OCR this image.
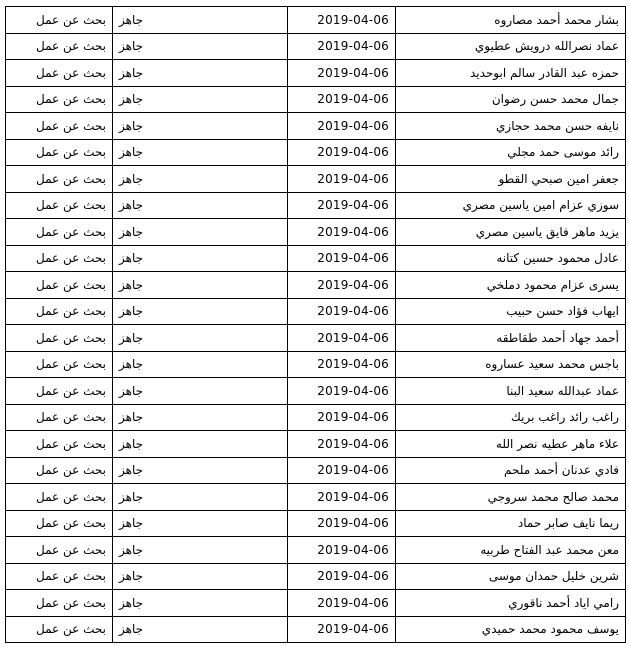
بحث عن عمل	جاهز	2019-04-06	بشار محمد أحمد مصاروه
بحث عن عمل	جاهز	2019-04-06	عماد نصرالله درويش عطيوي
بحث عن عمل	جاهز	2019-04-06	حمزه عبد القادر سالم ابوحديد
بحث عن عمل	جاهز	2019-04-06	جمال محمد حسن رضوان
بحث عن عمل	جاهز	2019-04-06	نايفه حسن محمد حجازي
بحث عن عمل	جاهز	2019-04-06	رائد موسى حمد مجلي
بحث عن عمل	جاهز	2019-04-06	جعفر امين صبحي القطو
بحث عن عمل	جاهز	2019-04-06	سوزي عزام امين ياسين مصري
بحث عن عمل	جاهز	2019-04-06	يزيد ماهر فايق ياسين مصري
بحث عن عمل	جاهز	2019-04-06	عادل محمود حسين كتانه
بحث عن عمل	جاهز	2019-04-06	يسرى عزام محمود دملخي
بحث عن عمل	جاهز	2019-04-06	ايهاب فؤاد حسن حبيب
بحث عن عمل	جاهز	2019-04-06	أحمد جهاد أحمد طقاطقه
بحث عن عمل	جاهز	2019-04-06	باجس محمد سعيد عساروه
بحث عن عمل	جاهز	2019-04-06	عماد عبدالله سعيد البنا
بحث عن عمل	جاهز	2019-04-06	راغب رائد راغب بريك
بحث عن عمل	جاهز	2019-04-06	علاء ماهر عطيه نصر الله
بحث عن عمل	جاهز	2019-04-06	فادي عدنان أحمد ملحم
بحث عن عمل	جاهز	2019-04-06	محمد صالح محمد سروجي
بحث عن عمل	جاهز	2019-04-06	ريما نايف صابر حماد
بحث عن عمل	جاهز	2019-04-06	معن محمد عبد الفتاح طربيه
بحث عن عمل	جاهز	2019-04-06	شرين خليل حمدان موسى
بحث عن عمل	جاهز	2019-04-06	رامي اياد أحمد ناقوري
بحث عن عمل	جاهز	2019-04-06	يوسف محمود محمد حميدي
